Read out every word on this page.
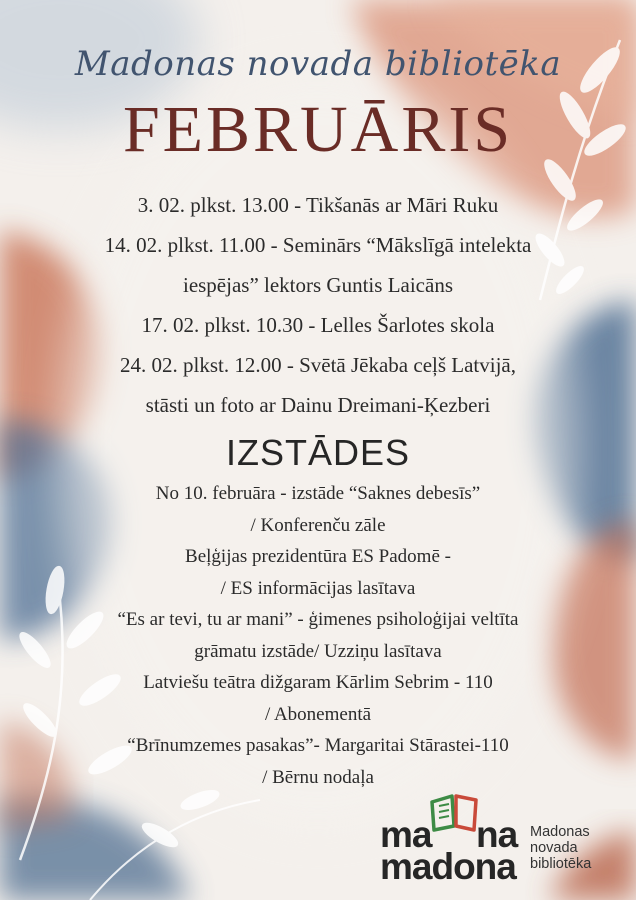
Madonas novada bibliotēka
FEBRUĀRIS
3. 02. plkst. 13.00 - Tikšanās ar Māri Ruku
14. 02. plkst. 11.00 - Seminārs “Mākslīgā intelekta
iespējas” lektors Guntis Laicāns
17. 02. plkst. 10.30 - Lelles Šarlotes skola
24. 02. plkst. 12.00 - Svētā Jēkaba ceļš Latvijā,
stāsti un foto ar Dainu Dreimani-Ķezberi
IZSTĀDES
No 10. februāra - izstāde “Saknes debesīs”
/ Konferenču zāle
Beļģijas prezidentūra ES Padomē -
/ ES informācijas lasītava
“Es ar tevi, tu ar mani” - ģimenes psiholoģijai veltīta
grāmatu izstāde/ Uzziņu lasītava
Latviešu teātra dižgaram Kārlim Sebrim - 110
/ Abonementā
“Brīnumzemes pasakas”- Margaritai Stārastei-110
/ Bērnu nodaļa
ma na
madona
Madonas
novada
bibliotēka
